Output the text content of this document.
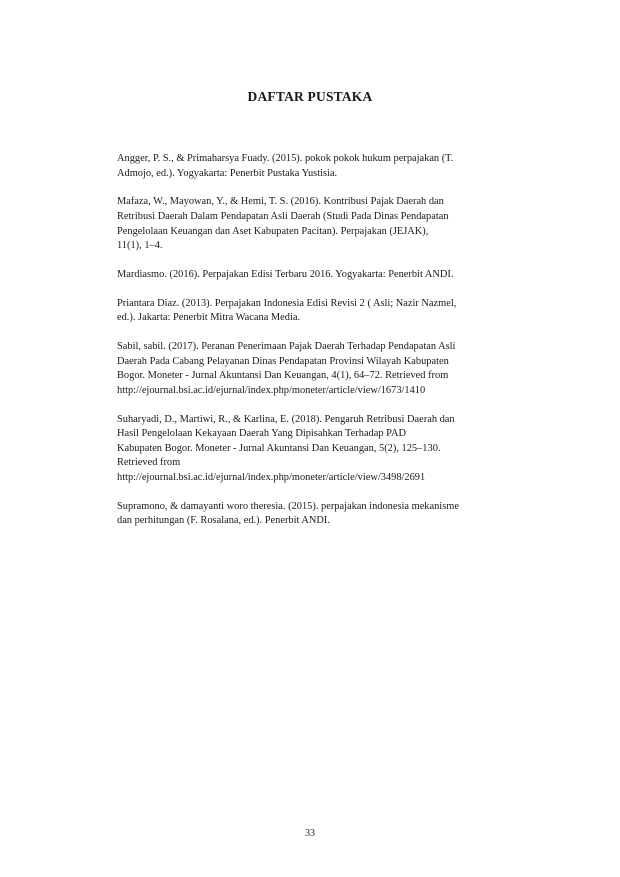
DAFTAR PUSTAKA
Angger, P. S., & Primaharsya Fuady. (2015). pokok pokok hukum perpajakan (T.
Admojo, ed.). Yogyakarta: Penerbit Pustaka Yustisia.
Mafaza, W., Mayowan, Y., & Hemi, T. S. (2016). Kontribusi Pajak Daerah dan
Retribusi Daerah Dalam Pendapatan Asli Daerah (Studi Pada Dinas Pendapatan
Pengelolaan Keuangan dan Aset Kabupaten Pacitan). Perpajakan (JEJAK),
11(1), 1–4.
Mardiasmo. (2016). Perpajakan Edisi Terbaru 2016. Yogyakarta: Penerbit ANDI.
Priantara Diaz. (2013). Perpajakan Indonesia Edisi Revisi 2 ( Asli; Nazir Nazmel,
ed.). Jakarta: Penerbit Mitra Wacana Media.
Sabil, sabil. (2017). Peranan Penerimaan Pajak Daerah Terhadap Pendapatan Asli
Daerah Pada Cabang Pelayanan Dinas Pendapatan Provinsi Wilayah Kabupaten
Bogor. Moneter - Jurnal Akuntansi Dan Keuangan, 4(1), 64–72. Retrieved from
http://ejournal.bsi.ac.id/ejurnal/index.php/moneter/article/view/1673/1410
Suharyadi, D., Martiwi, R., & Karlina, E. (2018). Pengaruh Retribusi Daerah dan
Hasil Pengelolaan Kekayaan Daerah Yang Dipisahkan Terhadap PAD
Kabupaten Bogor. Moneter - Jurnal Akuntansi Dan Keuangan, 5(2), 125–130.
Retrieved from
http://ejournal.bsi.ac.id/ejurnal/index.php/moneter/article/view/3498/2691
Supramono, & damayanti woro theresia. (2015). perpajakan indonesia mekanisme
dan perhitungan (F. Rosalana, ed.). Penerbit ANDI.
33
